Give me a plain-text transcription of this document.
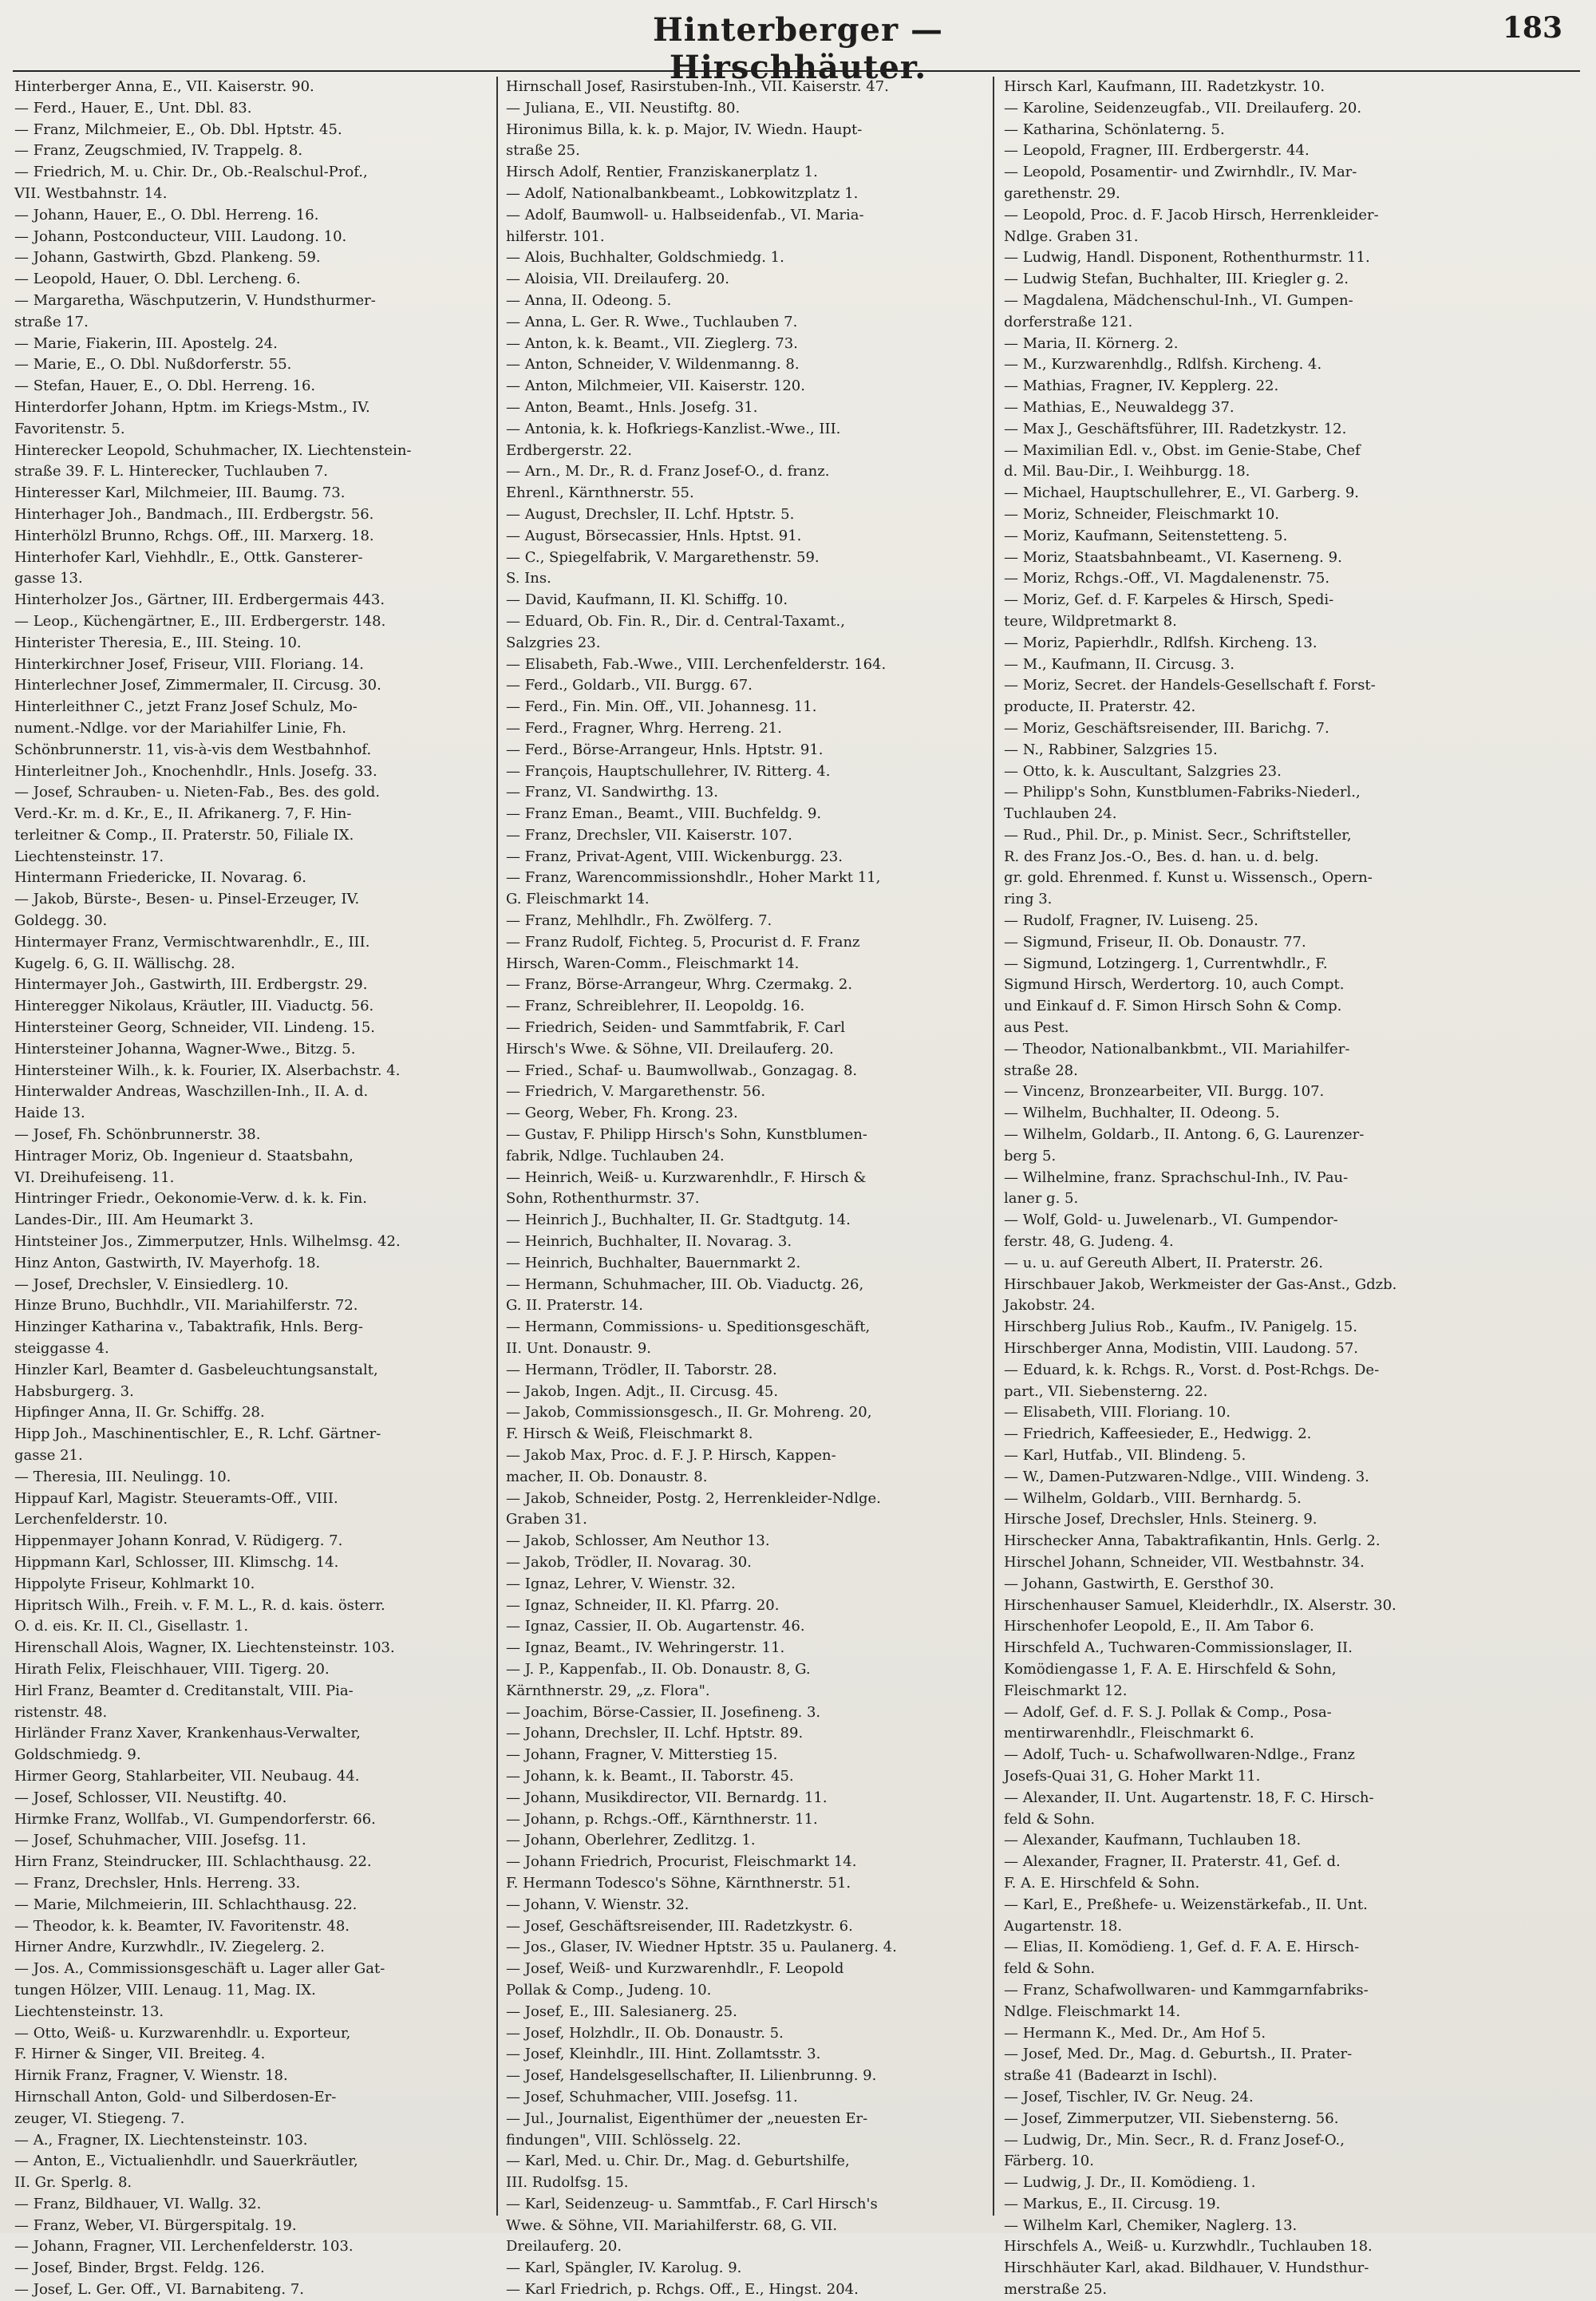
Hinterberger — Hirschhäuter.
183

Hinterberger Anna, E., VII. Kaiserstr. 90.

— Ferd., Hauer, E., Unt. Dbl. 83.

— Franz, Milchmeier, E., Ob. Dbl. Hptstr. 45.

— Franz, Zeugschmied, IV. Trappelg. 8.

— Friedrich, M. u. Chir. Dr., Ob.-Realschul-Prof.,

VII. Westbahnstr. 14.

— Johann, Hauer, E., O. Dbl. Herreng. 16.

— Johann, Postconducteur, VIII. Laudong. 10.

— Johann, Gastwirth, Gbzd. Plankeng. 59.

— Leopold, Hauer, O. Dbl. Lercheng. 6.

— Margaretha, Wäschputzerin, V. Hundsthurmer-

straße 17.

— Marie, Fiakerin, III. Apostelg. 24.

— Marie, E., O. Dbl. Nußdorferstr. 55.

— Stefan, Hauer, E., O. Dbl. Herreng. 16.

Hinterdorfer Johann, Hptm. im Kriegs-Mstm., IV.

Favoritenstr. 5.

Hinterecker Leopold, Schuhmacher, IX. Liechtenstein-

straße 39. F. L. Hinterecker, Tuchlauben 7.

Hinteresser Karl, Milchmeier, III. Baumg. 73.

Hinterhager Joh., Bandmach., III. Erdbergstr. 56.

Hinterhölzl Brunno, Rchgs. Off., III. Marxerg. 18.

Hinterhofer Karl, Viehhdlr., E., Ottk. Gansterer-

gasse 13.

Hinterholzer Jos., Gärtner, III. Erdbergermais 443.

— Leop., Küchengärtner, E., III. Erdbergerstr. 148.

Hinterister Theresia, E., III. Steing. 10.

Hinterkirchner Josef, Friseur, VIII. Floriang. 14.

Hinterlechner Josef, Zimmermaler, II. Circusg. 30.

Hinterleithner C., jetzt Franz Josef Schulz, Mo-

nument.-Ndlge. vor der Mariahilfer Linie, Fh.

Schönbrunnerstr. 11, vis-à-vis dem Westbahnhof.

Hinterleitner Joh., Knochenhdlr., Hnls. Josefg. 33.

— Josef, Schrauben- u. Nieten-Fab., Bes. des gold.

Verd.-Kr. m. d. Kr., E., II. Afrikanerg. 7, F. Hin-

terleitner & Comp., II. Praterstr. 50, Filiale IX.

Liechtensteinstr. 17.

Hintermann Friedericke, II. Novarag. 6.

— Jakob, Bürste-, Besen- u. Pinsel-Erzeuger, IV.

Goldegg. 30.

Hintermayer Franz, Vermischtwarenhdlr., E., III.

Kugelg. 6, G. II. Wällischg. 28.

Hintermayer Joh., Gastwirth, III. Erdbergstr. 29.

Hinteregger Nikolaus, Kräutler, III. Viaductg. 56.

Hintersteiner Georg, Schneider, VII. Lindeng. 15.

Hintersteiner Johanna, Wagner-Wwe., Bitzg. 5.

Hintersteiner Wilh., k. k. Fourier, IX. Alserbachstr. 4.

Hinterwalder Andreas, Waschzillen-Inh., II. A. d.

Haide 13.

— Josef, Fh. Schönbrunnerstr. 38.

Hintrager Moriz, Ob. Ingenieur d. Staatsbahn,

VI. Dreihufeiseng. 11.

Hintringer Friedr., Oekonomie-Verw. d. k. k. Fin.

Landes-Dir., III. Am Heumarkt 3.

Hintsteiner Jos., Zimmerputzer, Hnls. Wilhelmsg. 42.

Hinz Anton, Gastwirth, IV. Mayerhofg. 18.

— Josef, Drechsler, V. Einsiedlerg. 10.

Hinze Bruno, Buchhdlr., VII. Mariahilferstr. 72.

Hinzinger Katharina v., Tabaktrafik, Hnls. Berg-

steiggasse 4.

Hinzler Karl, Beamter d. Gasbeleuchtungsanstalt,

Habsburgerg. 3.

Hipfinger Anna, II. Gr. Schiffg. 28.

Hipp Joh., Maschinentischler, E., R. Lchf. Gärtner-

gasse 21.

— Theresia, III. Neulingg. 10.

Hippauf Karl, Magistr. Steueramts-Off., VIII.

Lerchenfelderstr. 10.

Hippenmayer Johann Konrad, V. Rüdigerg. 7.

Hippmann Karl, Schlosser, III. Klimschg. 14.

Hippolyte Friseur, Kohlmarkt 10.

Hipritsch Wilh., Freih. v. F. M. L., R. d. kais. österr.

O. d. eis. Kr. II. Cl., Gisellastr. 1.

Hirenschall Alois, Wagner, IX. Liechtensteinstr. 103.

Hirath Felix, Fleischhauer, VIII. Tigerg. 20.

Hirl Franz, Beamter d. Creditanstalt, VIII. Pia-

ristenstr. 48.

Hirländer Franz Xaver, Krankenhaus-Verwalter,

Goldschmiedg. 9.

Hirmer Georg, Stahlarbeiter, VII. Neubaug. 44.

— Josef, Schlosser, VII. Neustiftg. 40.

Hirmke Franz, Wollfab., VI. Gumpendorferstr. 66.

— Josef, Schuhmacher, VIII. Josefsg. 11.

Hirn Franz, Steindrucker, III. Schlachthausg. 22.

— Franz, Drechsler, Hnls. Herreng. 33.

— Marie, Milchmeierin, III. Schlachthausg. 22.

— Theodor, k. k. Beamter, IV. Favoritenstr. 48.

Hirner Andre, Kurzwhdlr., IV. Ziegelerg. 2.

— Jos. A., Commissionsgeschäft u. Lager aller Gat-

tungen Hölzer, VIII. Lenaug. 11, Mag. IX.

Liechtensteinstr. 13.

— Otto, Weiß- u. Kurzwarenhdlr. u. Exporteur,

F. Hirner & Singer, VII. Breiteg. 4.

Hirnik Franz, Fragner, V. Wienstr. 18.

Hirnschall Anton, Gold- und Silberdosen-Er-

zeuger, VI. Stiegeng. 7.

— A., Fragner, IX. Liechtensteinstr. 103.

— Anton, E., Victualienhdlr. und Sauerkräutler,

II. Gr. Sperlg. 8.

— Franz, Bildhauer, VI. Wallg. 32.

— Franz, Weber, VI. Bürgerspitalg. 19.

— Johann, Fragner, VII. Lerchenfelderstr. 103.

— Josef, Binder, Brgst. Feldg. 126.

— Josef, L. Ger. Off., VI. Barnabiteng. 7.

Hirnschall Josef, Rasirstuben-Inh., VII. Kaiserstr. 47.

— Juliana, E., VII. Neustiftg. 80.

Hironimus Billa, k. k. p. Major, IV. Wiedn. Haupt-

straße 25.

Hirsch Adolf, Rentier, Franziskanerplatz 1.

— Adolf, Nationalbankbeamt., Lobkowitzplatz 1.

— Adolf, Baumwoll- u. Halbseidenfab., VI. Maria-

hilferstr. 101.

— Alois, Buchhalter, Goldschmiedg. 1.

— Aloisia, VII. Dreilauferg. 20.

— Anna, II. Odeong. 5.

— Anna, L. Ger. R. Wwe., Tuchlauben 7.

— Anton, k. k. Beamt., VII. Zieglerg. 73.

— Anton, Schneider, V. Wildenmanng. 8.

— Anton, Milchmeier, VII. Kaiserstr. 120.

— Anton, Beamt., Hnls. Josefg. 31.

— Antonia, k. k. Hofkriegs-Kanzlist.-Wwe., III.

Erdbergerstr. 22.

— Arn., M. Dr., R. d. Franz Josef-O., d. franz.

Ehrenl., Kärnthnerstr. 55.

— August, Drechsler, II. Lchf. Hptstr. 5.

— August, Börsecassier, Hnls. Hptst. 91.

— C., Spiegelfabrik, V. Margarethenstr. 59.

S. Ins.

— David, Kaufmann, II. Kl. Schiffg. 10.

— Eduard, Ob. Fin. R., Dir. d. Central-Taxamt.,

Salzgries 23.

— Elisabeth, Fab.-Wwe., VIII. Lerchenfelderstr. 164.

— Ferd., Goldarb., VII. Burgg. 67.

— Ferd., Fin. Min. Off., VII. Johannesg. 11.

— Ferd., Fragner, Whrg. Herreng. 21.

— Ferd., Börse-Arrangeur, Hnls. Hptstr. 91.

— François, Hauptschullehrer, IV. Ritterg. 4.

— Franz, VI. Sandwirthg. 13.

— Franz Eman., Beamt., VIII. Buchfeldg. 9.

— Franz, Drechsler, VII. Kaiserstr. 107.

— Franz, Privat-Agent, VIII. Wickenburgg. 23.

— Franz, Warencommissionshdlr., Hoher Markt 11,

G. Fleischmarkt 14.

— Franz, Mehlhdlr., Fh. Zwölferg. 7.

— Franz Rudolf, Fichteg. 5, Procurist d. F. Franz

Hirsch, Waren-Comm., Fleischmarkt 14.

— Franz, Börse-Arrangeur, Whrg. Czermakg. 2.

— Franz, Schreiblehrer, II. Leopoldg. 16.

— Friedrich, Seiden- und Sammtfabrik, F. Carl

Hirsch's Wwe. & Söhne, VII. Dreilauferg. 20.

— Fried., Schaf- u. Baumwollwab., Gonzagag. 8.

— Friedrich, V. Margarethenstr. 56.

— Georg, Weber, Fh. Krong. 23.

— Gustav, F. Philipp Hirsch's Sohn, Kunstblumen-

fabrik, Ndlge. Tuchlauben 24.

— Heinrich, Weiß- u. Kurzwarenhdlr., F. Hirsch &

Sohn, Rothenthurmstr. 37.

— Heinrich J., Buchhalter, II. Gr. Stadtgutg. 14.

— Heinrich, Buchhalter, II. Novarag. 3.

— Heinrich, Buchhalter, Bauernmarkt 2.

— Hermann, Schuhmacher, III. Ob. Viaductg. 26,

G. II. Praterstr. 14.

— Hermann, Commissions- u. Speditionsgeschäft,

II. Unt. Donaustr. 9.

— Hermann, Trödler, II. Taborstr. 28.

— Jakob, Ingen. Adjt., II. Circusg. 45.

— Jakob, Commissionsgesch., II. Gr. Mohreng. 20,

F. Hirsch & Weiß, Fleischmarkt 8.

— Jakob Max, Proc. d. F. J. P. Hirsch, Kappen-

macher, II. Ob. Donaustr. 8.

— Jakob, Schneider, Postg. 2, Herrenkleider-Ndlge.

Graben 31.

— Jakob, Schlosser, Am Neuthor 13.

— Jakob, Trödler, II. Novarag. 30.

— Ignaz, Lehrer, V. Wienstr. 32.

— Ignaz, Schneider, II. Kl. Pfarrg. 20.

— Ignaz, Cassier, II. Ob. Augartenstr. 46.

— Ignaz, Beamt., IV. Wehringerstr. 11.

— J. P., Kappenfab., II. Ob. Donaustr. 8, G.

Kärnthnerstr. 29, „z. Flora".

— Joachim, Börse-Cassier, II. Josefineng. 3.

— Johann, Drechsler, II. Lchf. Hptstr. 89.

— Johann, Fragner, V. Mitterstieg 15.

— Johann, k. k. Beamt., II. Taborstr. 45.

— Johann, Musikdirector, VII. Bernardg. 11.

— Johann, p. Rchgs.-Off., Kärnthnerstr. 11.

— Johann, Oberlehrer, Zedlitzg. 1.

— Johann Friedrich, Procurist, Fleischmarkt 14.

F. Hermann Todesco's Söhne, Kärnthnerstr. 51.

— Johann, V. Wienstr. 32.

— Josef, Geschäftsreisender, III. Radetzkystr. 6.

— Jos., Glaser, IV. Wiedner Hptstr. 35 u. Paulanerg. 4.

— Josef, Weiß- und Kurzwarenhdlr., F. Leopold

Pollak & Comp., Judeng. 10.

— Josef, E., III. Salesianerg. 25.

— Josef, Holzhdlr., II. Ob. Donaustr. 5.

— Josef, Kleinhdlr., III. Hint. Zollamtsstr. 3.

— Josef, Handelsgesellschafter, II. Lilienbrunng. 9.

— Josef, Schuhmacher, VIII. Josefsg. 11.

— Jul., Journalist, Eigenthümer der „neuesten Er-

findungen", VIII. Schlösselg. 22.

— Karl, Med. u. Chir. Dr., Mag. d. Geburtshilfe,

III. Rudolfsg. 15.

— Karl, Seidenzeug- u. Sammtfab., F. Carl Hirsch's

Wwe. & Söhne, VII. Mariahilferstr. 68, G. VII.

Dreilauferg. 20.

— Karl, Spängler, IV. Karolug. 9.

— Karl Friedrich, p. Rchgs. Off., E., Hingst. 204.

Hirsch Karl, Kaufmann, III. Radetzkystr. 10.

— Karoline, Seidenzeugfab., VII. Dreilauferg. 20.

— Katharina, Schönlaterng. 5.

— Leopold, Fragner, III. Erdbergerstr. 44.

— Leopold, Posamentir- und Zwirnhdlr., IV. Mar-

garethenstr. 29.

— Leopold, Proc. d. F. Jacob Hirsch, Herrenkleider-

Ndlge. Graben 31.

— Ludwig, Handl. Disponent, Rothenthurmstr. 11.

— Ludwig Stefan, Buchhalter, III. Kriegler g. 2.

— Magdalena, Mädchenschul-Inh., VI. Gumpen-

dorferstraße 121.

— Maria, II. Körnerg. 2.

— M., Kurzwarenhdlg., Rdlfsh. Kircheng. 4.

— Mathias, Fragner, IV. Kepplerg. 22.

— Mathias, E., Neuwaldegg 37.

— Max J., Geschäftsführer, III. Radetzkystr. 12.

— Maximilian Edl. v., Obst. im Genie-Stabe, Chef

d. Mil. Bau-Dir., I. Weihburgg. 18.

— Michael, Hauptschullehrer, E., VI. Garberg. 9.

— Moriz, Schneider, Fleischmarkt 10.

— Moriz, Kaufmann, Seitenstetteng. 5.

— Moriz, Staatsbahnbeamt., VI. Kaserneng. 9.

— Moriz, Rchgs.-Off., VI. Magdalenenstr. 75.

— Moriz, Gef. d. F. Karpeles & Hirsch, Spedi-

teure, Wildpretmarkt 8.

— Moriz, Papierhdlr., Rdlfsh. Kircheng. 13.

— M., Kaufmann, II. Circusg. 3.

— Moriz, Secret. der Handels-Gesellschaft f. Forst-

producte, II. Praterstr. 42.

— Moriz, Geschäftsreisender, III. Barichg. 7.

— N., Rabbiner, Salzgries 15.

— Otto, k. k. Auscultant, Salzgries 23.

— Philipp's Sohn, Kunstblumen-Fabriks-Niederl.,

Tuchlauben 24.

— Rud., Phil. Dr., p. Minist. Secr., Schriftsteller,

R. des Franz Jos.-O., Bes. d. han. u. d. belg.

gr. gold. Ehrenmed. f. Kunst u. Wissensch., Opern-

ring 3.

— Rudolf, Fragner, IV. Luiseng. 25.

— Sigmund, Friseur, II. Ob. Donaustr. 77.

— Sigmund, Lotzingerg. 1, Currentwhdlr., F.

Sigmund Hirsch, Werdertorg. 10, auch Compt.

und Einkauf d. F. Simon Hirsch Sohn & Comp.

aus Pest.

— Theodor, Nationalbankbmt., VII. Mariahilfer-

straße 28.

— Vincenz, Bronzearbeiter, VII. Burgg. 107.

— Wilhelm, Buchhalter, II. Odeong. 5.

— Wilhelm, Goldarb., II. Antong. 6, G. Laurenzer-

berg 5.

— Wilhelmine, franz. Sprachschul-Inh., IV. Pau-

laner g. 5.

— Wolf, Gold- u. Juwelenarb., VI. Gumpendor-

ferstr. 48, G. Judeng. 4.

— u. u. auf Gereuth Albert, II. Praterstr. 26.

Hirschbauer Jakob, Werkmeister der Gas-Anst., Gdzb.

Jakobstr. 24.

Hirschberg Julius Rob., Kaufm., IV. Panigelg. 15.

Hirschberger Anna, Modistin, VIII. Laudong. 57.

— Eduard, k. k. Rchgs. R., Vorst. d. Post-Rchgs. De-

part., VII. Siebensterng. 22.

— Elisabeth, VIII. Floriang. 10.

— Friedrich, Kaffeesieder, E., Hedwigg. 2.

— Karl, Hutfab., VII. Blindeng. 5.

— W., Damen-Putzwaren-Ndlge., VIII. Windeng. 3.

— Wilhelm, Goldarb., VIII. Bernhardg. 5.

Hirsche Josef, Drechsler, Hnls. Steinerg. 9.

Hirschecker Anna, Tabaktrafikantin, Hnls. Gerlg. 2.

Hirschel Johann, Schneider, VII. Westbahnstr. 34.

— Johann, Gastwirth, E. Gersthof 30.

Hirschenhauser Samuel, Kleiderhdlr., IX. Alserstr. 30.

Hirschenhofer Leopold, E., II. Am Tabor 6.

Hirschfeld A., Tuchwaren-Commissionslager, II.

Komödiengasse 1, F. A. E. Hirschfeld & Sohn,

Fleischmarkt 12.

— Adolf, Gef. d. F. S. J. Pollak & Comp., Posa-

mentirwarenhdlr., Fleischmarkt 6.

— Adolf, Tuch- u. Schafwollwaren-Ndlge., Franz

Josefs-Quai 31, G. Hoher Markt 11.

— Alexander, II. Unt. Augartenstr. 18, F. C. Hirsch-

feld & Sohn.

— Alexander, Kaufmann, Tuchlauben 18.

— Alexander, Fragner, II. Praterstr. 41, Gef. d.

F. A. E. Hirschfeld & Sohn.

— Karl, E., Preßhefe- u. Weizenstärkefab., II. Unt.

Augartenstr. 18.

— Elias, II. Komödieng. 1, Gef. d. F. A. E. Hirsch-

feld & Sohn.

— Franz, Schafwollwaren- und Kammgarnfabriks-

Ndlge. Fleischmarkt 14.

— Hermann K., Med. Dr., Am Hof 5.

— Josef, Med. Dr., Mag. d. Geburtsh., II. Prater-

straße 41 (Badearzt in Ischl).

— Josef, Tischler, IV. Gr. Neug. 24.

— Josef, Zimmerputzer, VII. Siebensterng. 56.

— Ludwig, Dr., Min. Secr., R. d. Franz Josef-O.,

Färberg. 10.

— Ludwig, J. Dr., II. Komödieng. 1.

— Markus, E., II. Circusg. 19.

— Wilhelm Karl, Chemiker, Naglerg. 13.

Hirschfels A., Weiß- u. Kurzwhdlr., Tuchlauben 18.

Hirschhäuter Karl, akad. Bildhauer, V. Hundsthur-

merstraße 25.
